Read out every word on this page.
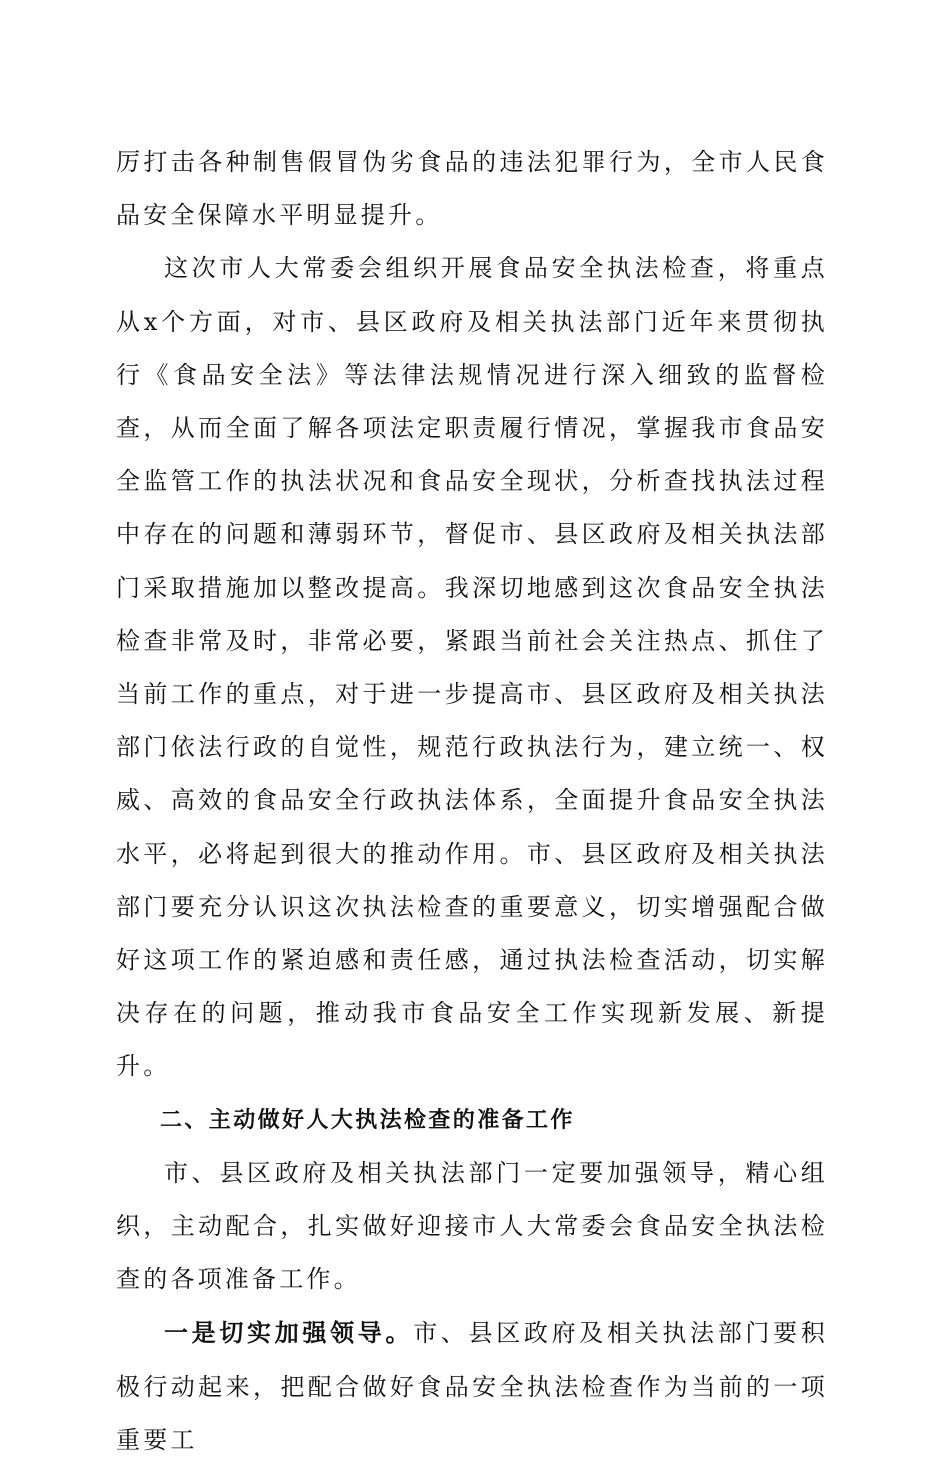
厉打击各种制售假冒伪劣食品的违法犯罪行为，全市人民食品安全保障水平明显提升。

这次市人大常委会组织开展食品安全执法检查，将重点从x个方面，对市、县区政府及相关执法部门近年来贯彻执行《食品安全法》等法律法规情况进行深入细致的监督检查，从而全面了解各项法定职责履行情况，掌握我市食品安全监管工作的执法状况和食品安全现状，分析查找执法过程中存在的问题和薄弱环节，督促市、县区政府及相关执法部门采取措施加以整改提高。我深切地感到这次食品安全执法检查非常及时，非常必要，紧跟当前社会关注热点、抓住了当前工作的重点，对于进一步提高市、县区政府及相关执法部门依法行政的自觉性，规范行政执法行为，建立统一、权威、高效的食品安全行政执法体系，全面提升食品安全执法水平，必将起到很大的推动作用。市、县区政府及相关执法部门要充分认识这次执法检查的重要意义，切实增强配合做好这项工作的紧迫感和责任感，通过执法检查活动，切实解决存在的问题，推动我市食品安全工作实现新发展、新提升。

二、主动做好人大执法检查的准备工作

市、县区政府及相关执法部门一定要加强领导，精心组织，主动配合，扎实做好迎接市人大常委会食品安全执法检查的各项准备工作。

一是切实加强领导。市、县区政府及相关执法部门要积极行动起来，把配合做好食品安全执法检查作为当前的一项重要工
